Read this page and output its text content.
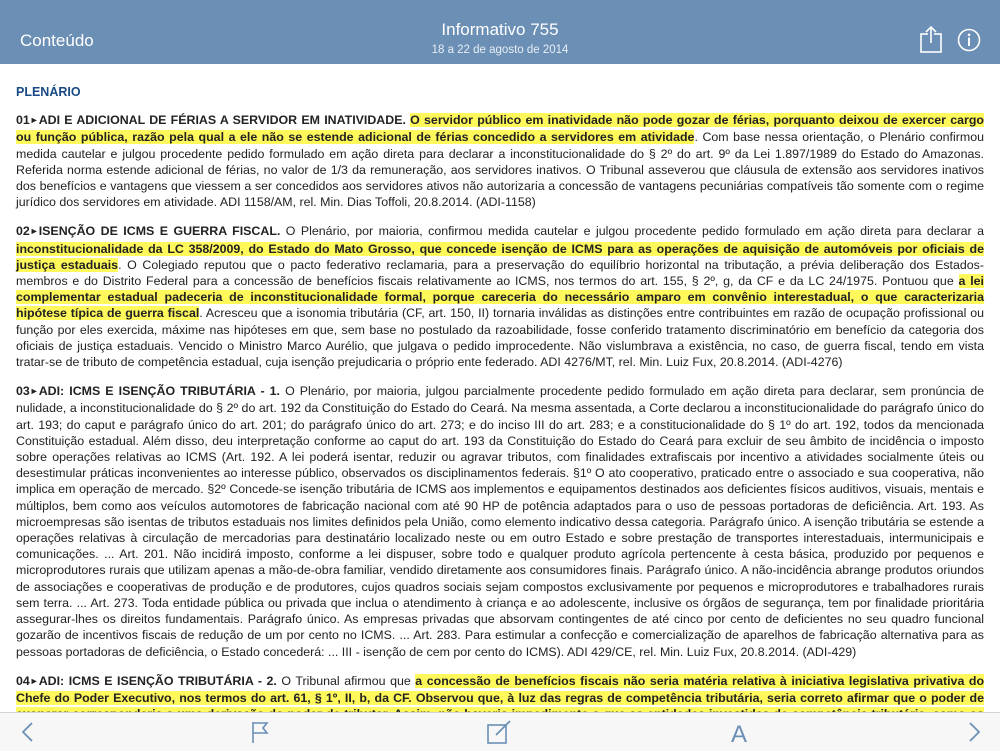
Conteúdo
Informativo 755
18 a 22 de agosto de 2014
PLENÁRIO

01►ADI E ADICIONAL DE FÉRIAS A SERVIDOR EM INATIVIDADE. O servidor público em inatividade não pode gozar de férias, porquanto deixou de exercer cargo ou função pública, razão pela qual a ele não se estende adicional de férias concedido a servidores em atividade. Com base nessa orientação, o Plenário confirmou medida cautelar e julgou procedente pedido formulado em ação direta para declarar a inconstitucionalidade do § 2º do art. 9º da Lei 1.897/1989 do Estado do Amazonas. Referida norma estende adicional de férias, no valor de 1/3 da remuneração, aos servidores inativos. O Tribunal asseverou que cláusula de extensão aos servidores inativos dos benefícios e vantagens que viessem a ser concedidos aos servidores ativos não autorizaria a concessão de vantagens pecuniárias compatíveis tão somente com o regime jurídico dos servidores em atividade. ADI 1158/AM, rel. Min. Dias Toffoli, 20.8.2014. (ADI-1158)

02►ISENÇÃO DE ICMS E GUERRA FISCAL. O Plenário, por maioria, confirmou medida cautelar e julgou procedente pedido formulado em ação direta para declarar a inconstitucionalidade da LC 358/2009, do Estado do Mato Grosso, que concede isenção de ICMS para as operações de aquisição de automóveis por oficiais de justiça estaduais. O Colegiado reputou que o pacto federativo reclamaria, para a preservação do equilíbrio horizontal na tributação, a prévia deliberação dos Estados-membros e do Distrito Federal para a concessão de benefícios fiscais relativamente ao ICMS, nos termos do art. 155, § 2º, g, da CF e da LC 24/1975. Pontuou que a lei complementar estadual padeceria de inconstitucionalidade formal, porque careceria do necessário amparo em convênio interestadual, o que caracterizaria hipótese típica de guerra fiscal. Acresceu que a isonomia tributária (CF, art. 150, II) tornaria inválidas as distinções entre contribuintes em razão de ocupação profissional ou função por eles exercida, máxime nas hipóteses em que, sem base no postulado da razoabilidade, fosse conferido tratamento discriminatório em benefício da categoria dos oficiais de justiça estaduais. Vencido o Ministro Marco Aurélio, que julgava o pedido improcedente. Não vislumbrava a existência, no caso, de guerra fiscal, tendo em vista tratar-se de tributo de competência estadual, cuja isenção prejudicaria o próprio ente federado. ADI 4276/MT, rel. Min. Luiz Fux, 20.8.2014. (ADI-4276)

03►ADI: ICMS E ISENÇÃO TRIBUTÁRIA - 1. O Plenário, por maioria, julgou parcialmente procedente pedido formulado em ação direta para declarar, sem pronúncia de nulidade, a inconstitucionalidade do § 2º do art. 192 da Constituição do Estado do Ceará. Na mesma assentada, a Corte declarou a inconstitucionalidade do parágrafo único do art. 193; do caput e parágrafo único do art. 201; do parágrafo único do art. 273; e do inciso III do art. 283; e a constitucionalidade do § 1º do art. 192, todos da mencionada Constituição estadual. Além disso, deu interpretação conforme ao caput do art. 193 da Constituição do Estado do Ceará para excluir de seu âmbito de incidência o imposto sobre operações relativas ao ICMS (Art. 192. A lei poderá isentar, reduzir ou agravar tributos, com finalidades extrafiscais por incentivo a atividades socialmente úteis ou desestimular práticas inconvenientes ao interesse público, observados os disciplinamentos federais. §1º O ato cooperativo, praticado entre o associado e sua cooperativa, não implica em operação de mercado. §2º Concede-se isenção tributária de ICMS aos implementos e equipamentos destinados aos deficientes físicos auditivos, visuais, mentais e múltiplos, bem como aos veículos automotores de fabricação nacional com até 90 HP de potência adaptados para o uso de pessoas portadoras de deficiência. Art. 193. As microempresas são isentas de tributos estaduais nos limites definidos pela União, como elemento indicativo dessa categoria. Parágrafo único. A isenção tributária se estende a operações relativas à circulação de mercadorias para destinatário localizado neste ou em outro Estado e sobre prestação de transportes interestaduais, intermunicipais e comunicações. ... Art. 201. Não incidirá imposto, conforme a lei dispuser, sobre todo e qualquer produto agrícola pertencente à cesta básica, produzido por pequenos e microprodutores rurais que utilizam apenas a mão-de-obra familiar, vendido diretamente aos consumidores finais. Parágrafo único. A não-incidência abrange produtos oriundos de associações e cooperativas de produção e de produtores, cujos quadros sociais sejam compostos exclusivamente por pequenos e microprodutores e trabalhadores rurais sem terra. ... Art. 273. Toda entidade pública ou privada que inclua o atendimento à criança e ao adolescente, inclusive os órgãos de segurança, tem por finalidade prioritária assegurar-lhes os direitos fundamentais. Parágrafo único. As empresas privadas que absorvam contingentes de até cinco por cento de deficientes no seu quadro funcional gozarão de incentivos fiscais de redução de um por cento no ICMS. ... Art. 283. Para estimular a confecção e comercialização de aparelhos de fabricação alternativa para as pessoas portadoras de deficiência, o Estado concederá: ... III - isenção de cem por cento do ICMS). ADI 429/CE, rel. Min. Luiz Fux, 20.8.2014. (ADI-429)

04►ADI: ICMS E ISENÇÃO TRIBUTÁRIA - 2. O Tribunal afirmou que a concessão de benefícios fiscais não seria matéria relativa à iniciativa legislativa privativa do Chefe do Poder Executivo, nos termos do art. 61, § 1º, II, b, da CF. Observou que, à luz das regras de competência tributária, seria correto afirmar que o poder de

A
